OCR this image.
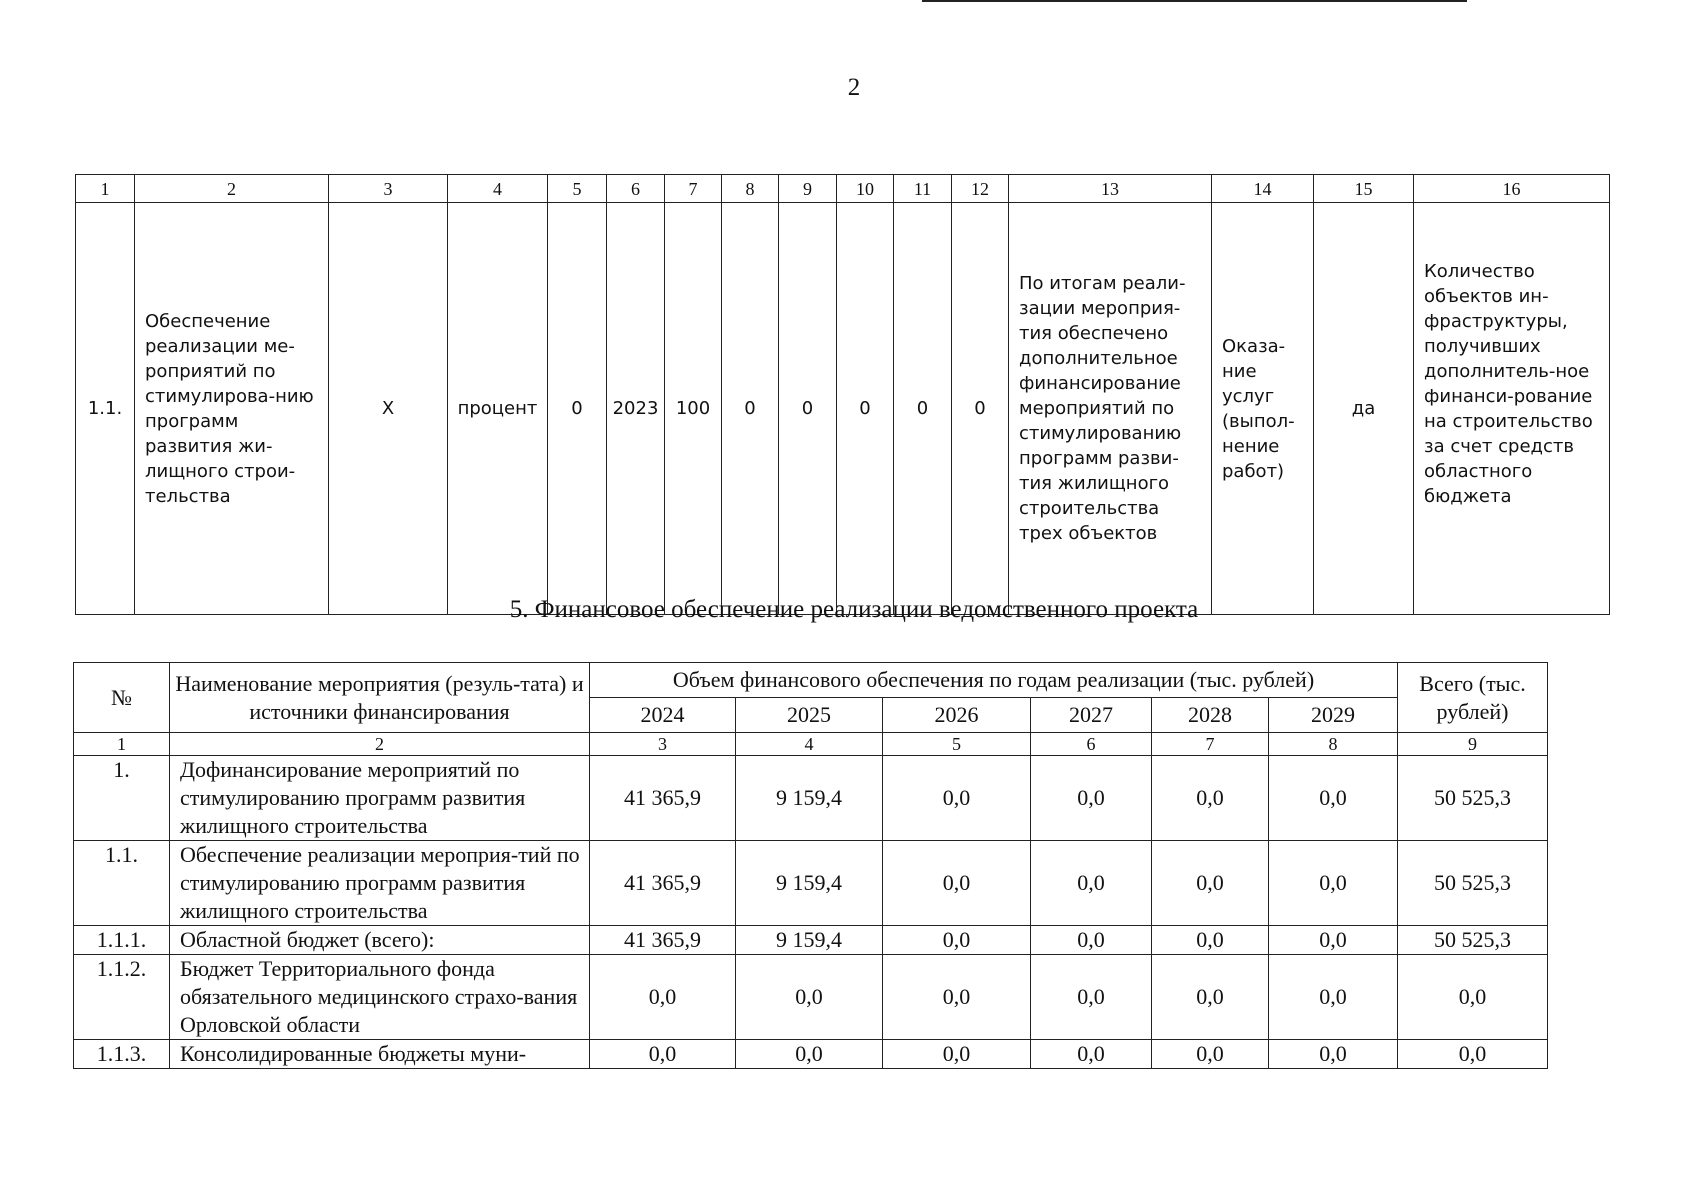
2
1	2	3	4	5	6	7	8	9	10	11	12	13	14	15	16
1.1.	Обеспечение реализации ме-роприятий по стимулирова-нию программ развития жи-лищного строи-тельства	Х	процент	0	2023	100	0	0	0	0	0	По итогам реали-зации мероприя-тия обеспечено дополнительное финансирование мероприятий по стимулированию программ разви-тия жилищного строительства трех объектов	Оказа-ние услуг (выпол-нение работ)	да	Количество объектов ин-фраструктуры, получивших дополнитель-ное финанси-рование на строительство за счет средств областного бюджета
5. Финансовое обеспечение реализации ведомственного проекта
№	Наименование мероприятия (резуль-тата) и источники финансирования	Объем финансового обеспечения по годам реализации (тыс. рублей)						Всего (тыс. рублей)
		2024	2025	2026	2027	2028	2029	
1	2	3	4	5	6	7	8	9
1.	Дофинансирование мероприятий по стимулированию программ развития жилищного строительства	41 365,9	9 159,4	0,0	0,0	0,0	0,0	50 525,3
1.1.	Обеспечение реализации мероприя-тий по стимулированию программ развития жилищного строительства	41 365,9	9 159,4	0,0	0,0	0,0	0,0	50 525,3
1.1.1.	Областной бюджет (всего):	41 365,9	9 159,4	0,0	0,0	0,0	0,0	50 525,3
1.1.2.	Бюджет Территориального фонда обязательного медицинского страхо-вания Орловской области	0,0	0,0	0,0	0,0	0,0	0,0	0,0
1.1.3.	Консолидированные бюджеты муни-	0,0	0,0	0,0	0,0	0,0	0,0	0,0
